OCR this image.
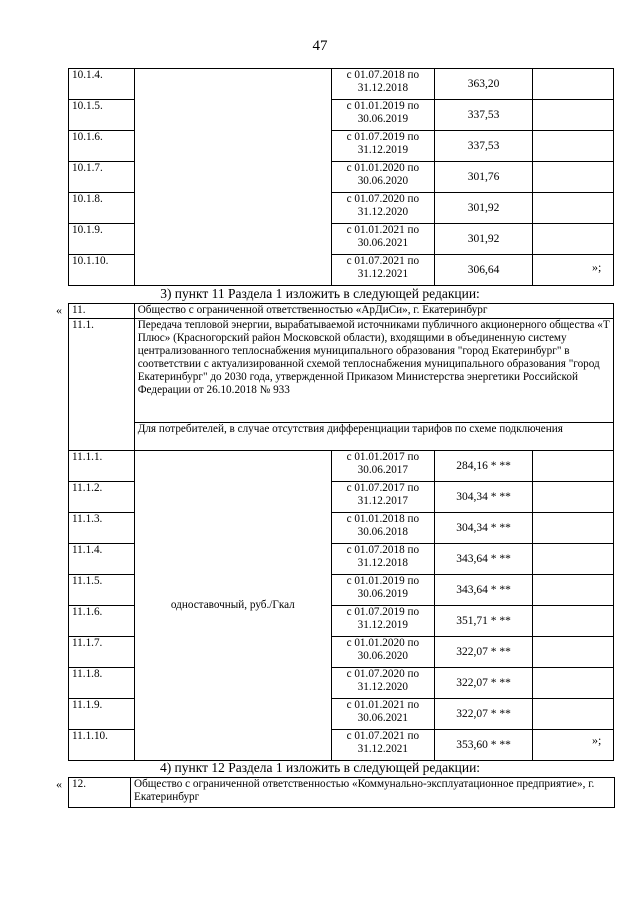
47
10.1.4.		с 01.07.2018 по
31.12.2018	363,20	
10.1.5.		с 01.01.2019 по
30.06.2019	337,53	
10.1.6.		с 01.07.2019 по
31.12.2019	337,53	
10.1.7.		с 01.01.2020 по
30.06.2020	301,76	
10.1.8.		с 01.07.2020 по
31.12.2020	301,92	
10.1.9.		с 01.01.2021 по
30.06.2021	301,92	
10.1.10.		с 01.07.2021 по
31.12.2021	306,64		»;
3) пункт 11 Раздела 1 изложить в следующей редакции:
« 11.	Общество с ограниченной ответственностью «АрДиСи», г. Екатеринбург			
11.1.	Передача тепловой энергии, вырабатываемой источниками публичного акционерного общества «Т Плюс» (Красногорский район Московской области), входящими в объединенную систему централизованного теплоснабжения муниципального образования "город Екатеринбург" в соответствии с актуализированной схемой теплоснабжения муниципального образования "город Екатеринбург" до 2030 года, утвержденной Приказом Министерства энергетики Российской Федерации от 26.10.2018 № 933			
	Для потребителей, в случае отсутствия дифференциации тарифов по схеме подключения			
11.1.1.	одноставочный, руб./Гкал	с 01.01.2017 по
30.06.2017	284,16 * **	
11.1.2.		с 01.07.2017 по
31.12.2017	304,34 * **	
11.1.3.		с 01.01.2018 по
30.06.2018	304,34 * **	
11.1.4.		с 01.07.2018 по
31.12.2018	343,64 * **	
11.1.5.		с 01.01.2019 по
30.06.2019	343,64 * **	
11.1.6.		с 01.07.2019 по
31.12.2019	351,71 * **	
11.1.7.		с 01.01.2020 по
30.06.2020	322,07 * **	
11.1.8.		с 01.07.2020 по
31.12.2020	322,07 * **	
11.1.9.		с 01.01.2021 по
30.06.2021	322,07 * **	
11.1.10.		с 01.07.2021 по
31.12.2021	353,60 * **		»;
4) пункт 12 Раздела 1 изложить в следующей редакции:
« 12.	Общество с ограниченной ответственностью «Коммунально-эксплуатационное предприятие», г. Екатеринбург
